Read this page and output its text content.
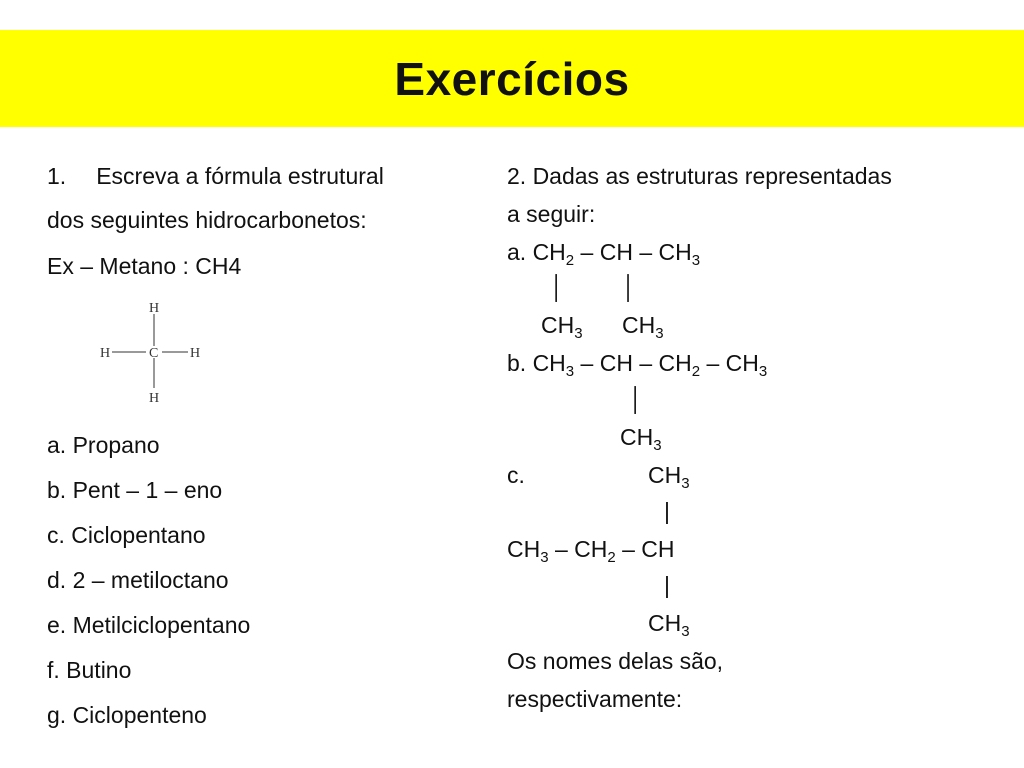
Exercícios
1. Escreva a fórmula estrutural
dos seguintes hidrocarbonetos:
Ex – Metano : CH4
a. Propano
b. Pent – 1 – eno
c. Ciclopentano
d. 2 – metiloctano
e. Metilciclopentano
f. Butino
g. Ciclopenteno
H
C
H	H
H
2. Dadas as estruturas representadas
a seguir:
a. $CH_2$ – CH – $CH_3$
│         │
$CH_3$ $CH_3$
b. $CH_3$ – CH – $CH_2 - CH_3$
│
$CH_3$
c.	$CH_3$
|
$CH_3 - CH_2$ – CH
|
$CH_3$
Os nomes delas são,
respectivamente:
